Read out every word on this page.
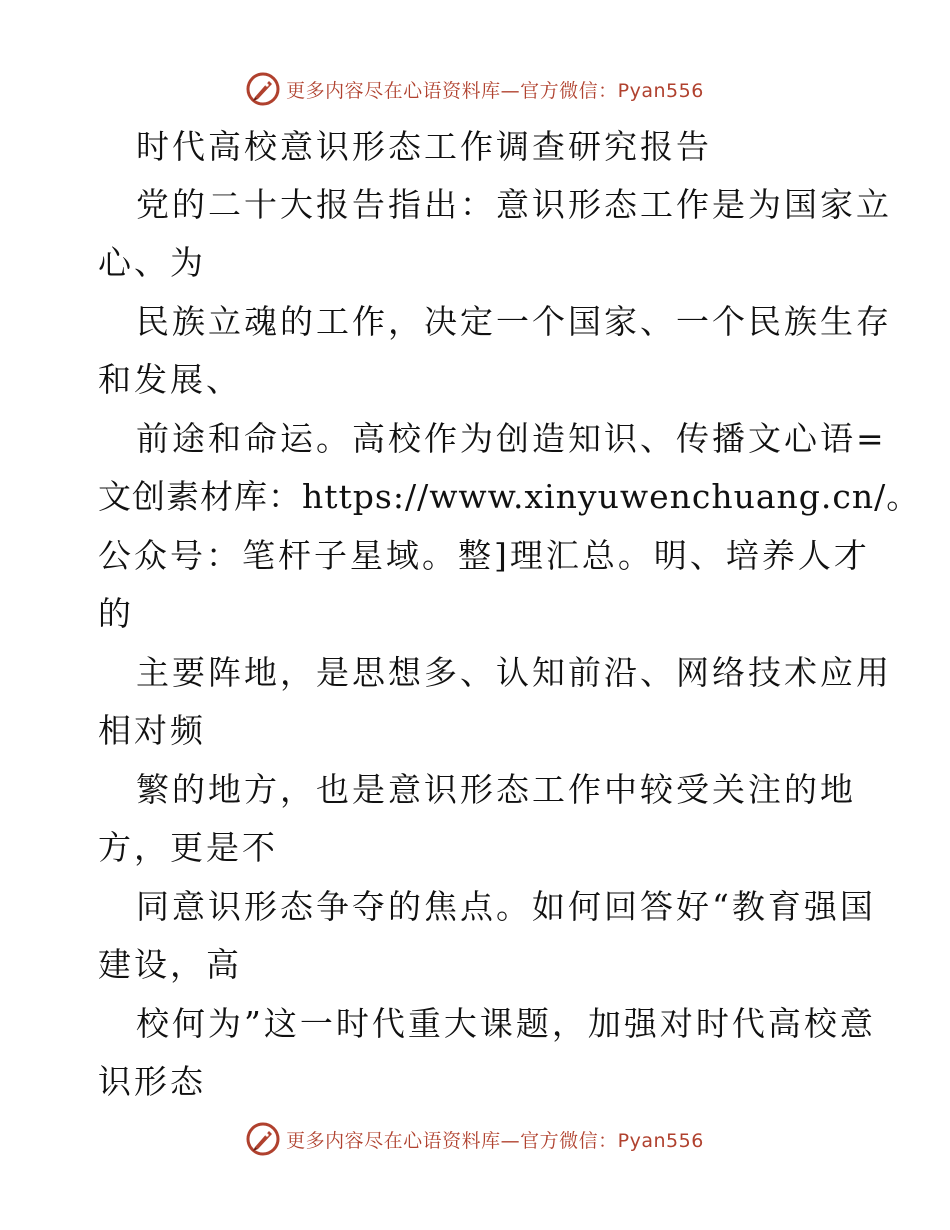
更多内容尽在心语资料库—官方微信：Pyan556
时代高校意识形态工作调查研究报告
党的二十大报告指出：意识形态工作是为国家立
心、为
民族立魂的工作，决定一个国家、一个民族生存
和发展、
前途和命运。高校作为创造知识、传播文心语=
文创素材库：https://www.xinyuwenchuang.cn/。
公众号：笔杆子星域。整]理汇总。明、培养人才
的
主要阵地，是思想多、认知前沿、网络技术应用
相对频
繁的地方，也是意识形态工作中较受关注的地
方，更是不
同意识形态争夺的焦点。如何回答好“教育强国
建设，高
校何为”这一时代重大课题，加强对时代高校意
识形态
更多内容尽在心语资料库—官方微信：Pyan556
